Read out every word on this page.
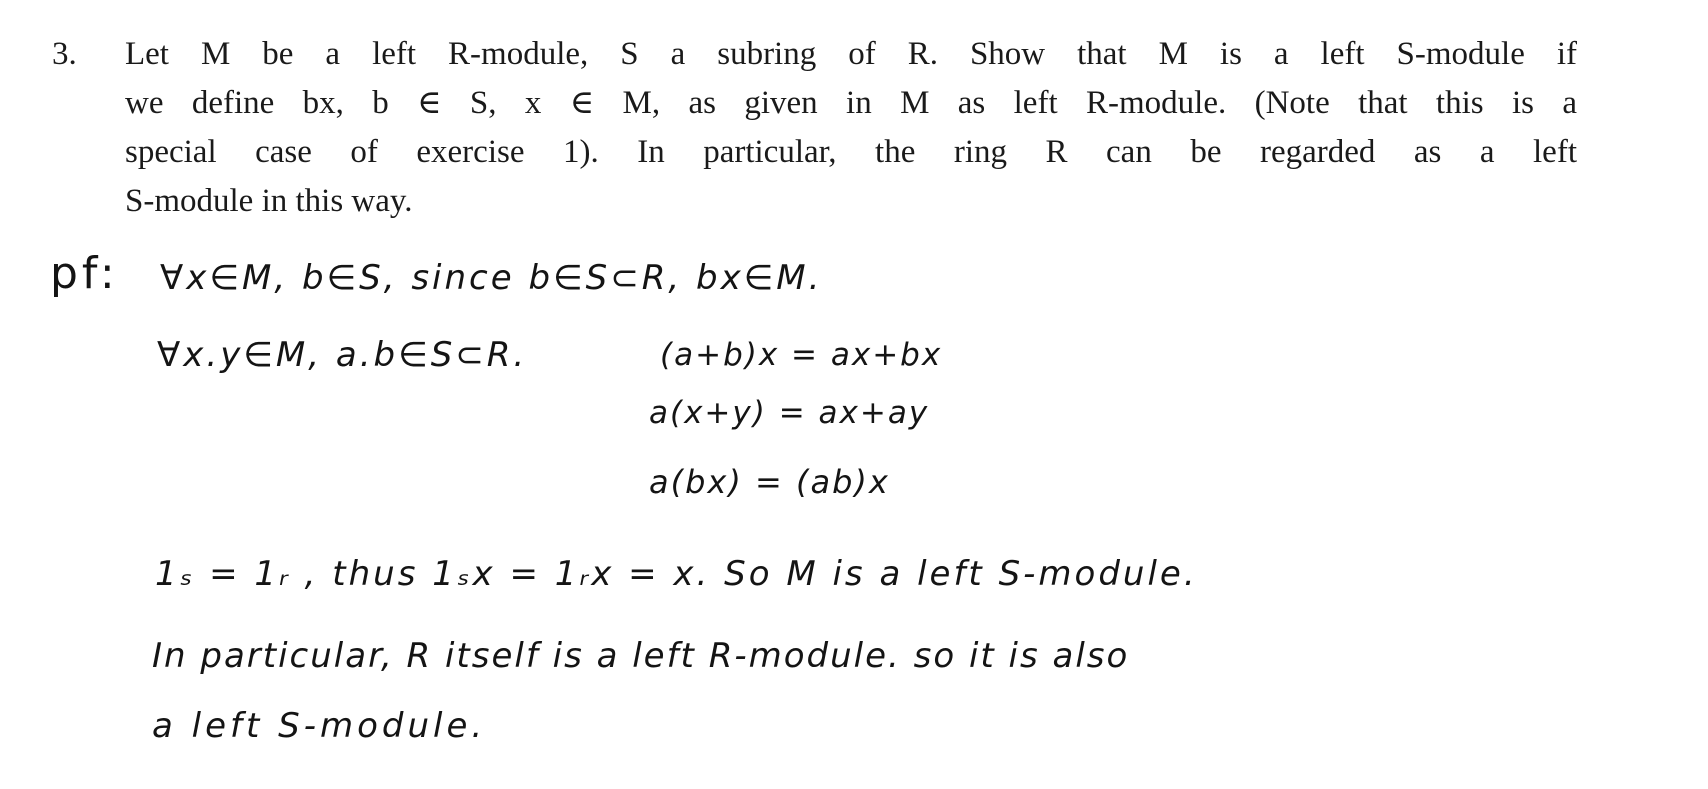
3. Let M be a left R-module, S a subring of R. Show that M is a left S-module if
we define bx, b ∈ S, x ∈ M, as given in M as left R-module. (Note that this is a
special case of exercise 1). In particular, the ring R can be regarded as a left
S-module in this way.
pf: ∀x∈M, b∈S, since b∈S⊂R, bx∈M.
∀x.y∈M, a.b∈S⊂R.	(a+b)x = ax+bx
a(x+y) = ax+ay
a(bx) = (ab)x
1ₛ = 1ᵣ , thus 1ₛx = 1ᵣx = x. So M is a left S-module.
In particular, R itself is a left R-module. so it is also
a left S-module.
